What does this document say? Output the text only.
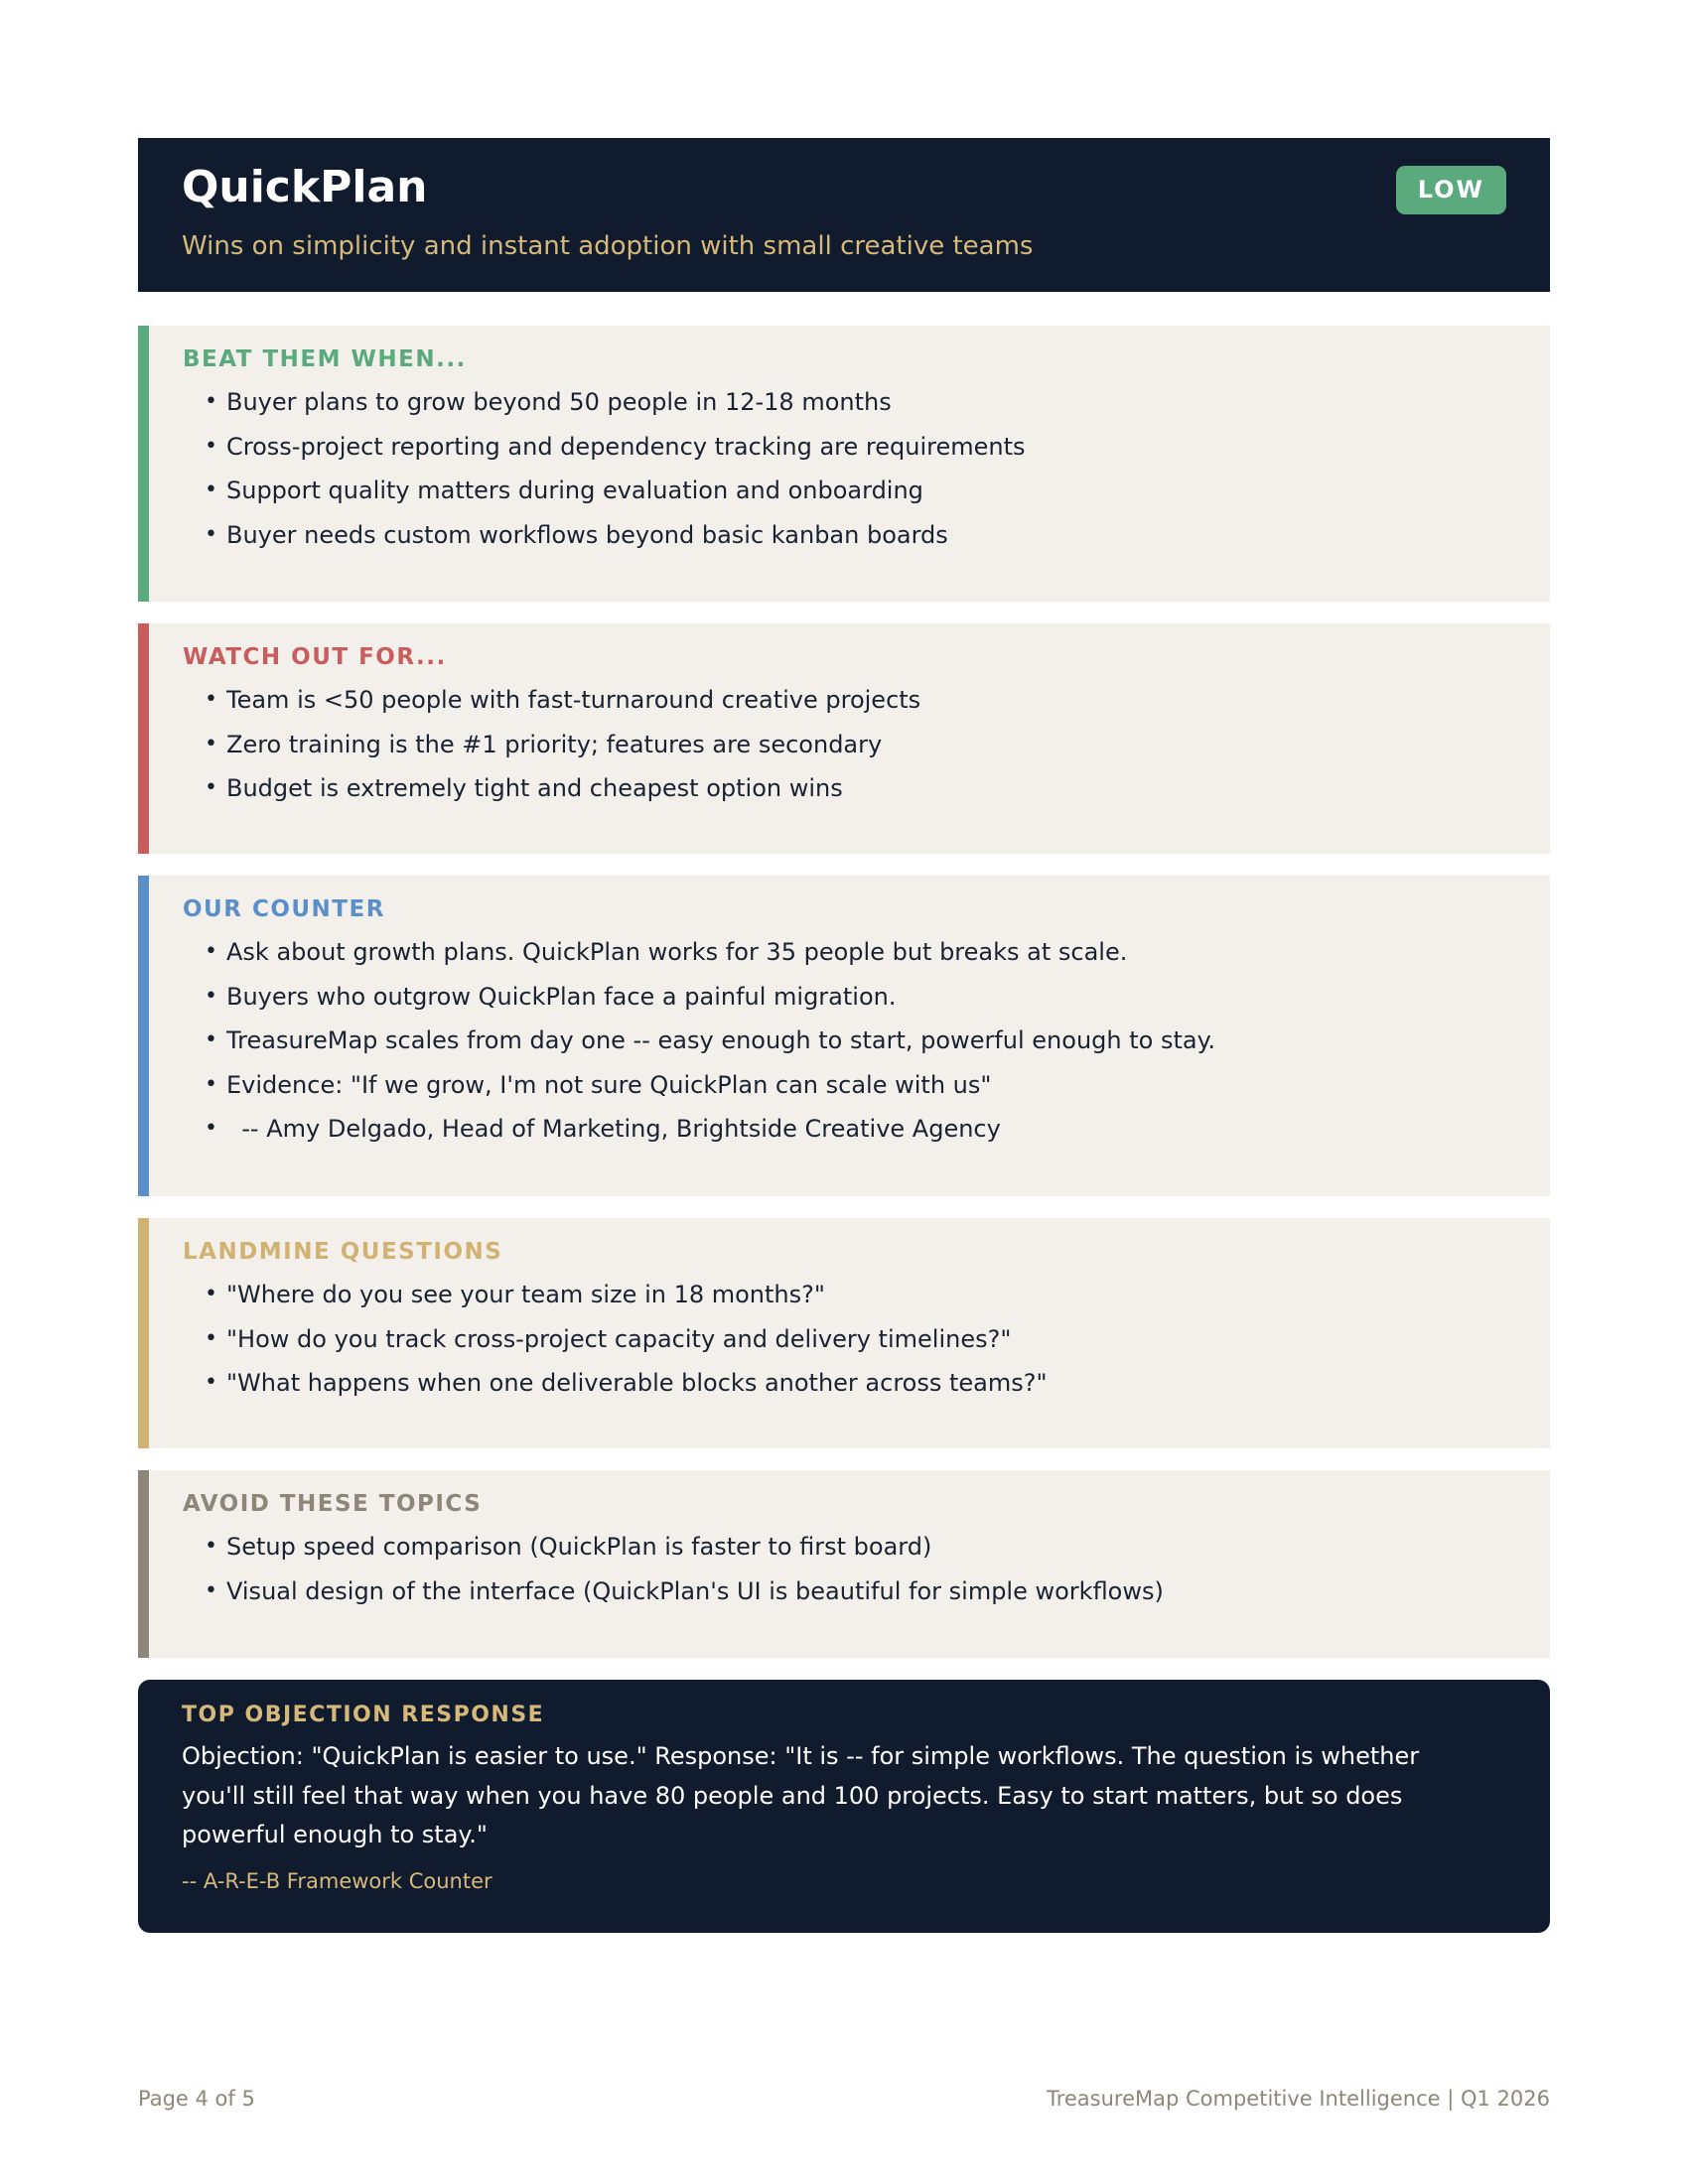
QuickPlan
Wins on simplicity and instant adoption with small creative teams
LOW
BEAT THEM WHEN...
• Buyer plans to grow beyond 50 people in 12-18 months
• Cross-project reporting and dependency tracking are requirements
• Support quality matters during evaluation and onboarding
• Buyer needs custom workflows beyond basic kanban boards
WATCH OUT FOR...
• Team is <50 people with fast-turnaround creative projects
• Zero training is the #1 priority; features are secondary
• Budget is extremely tight and cheapest option wins
OUR COUNTER
• Ask about growth plans. QuickPlan works for 35 people but breaks at scale.
• Buyers who outgrow QuickPlan face a painful migration.
• TreasureMap scales from day one -- easy enough to start, powerful enough to stay.
• Evidence: "If we grow, I'm not sure QuickPlan can scale with us"
•   -- Amy Delgado, Head of Marketing, Brightside Creative Agency
LANDMINE QUESTIONS
• "Where do you see your team size in 18 months?"
• "How do you track cross-project capacity and delivery timelines?"
• "What happens when one deliverable blocks another across teams?"
AVOID THESE TOPICS
• Setup speed comparison (QuickPlan is faster to first board)
• Visual design of the interface (QuickPlan's UI is beautiful for simple workflows)
TOP OBJECTION RESPONSE
Objection: "QuickPlan is easier to use." Response: "It is -- for simple workflows. The question is whether you'll still feel that way when you have 80 people and 100 projects. Easy to start matters, but so does powerful enough to stay."
-- A-R-E-B Framework Counter
Page 4 of 5	TreasureMap Competitive Intelligence | Q1 2026
